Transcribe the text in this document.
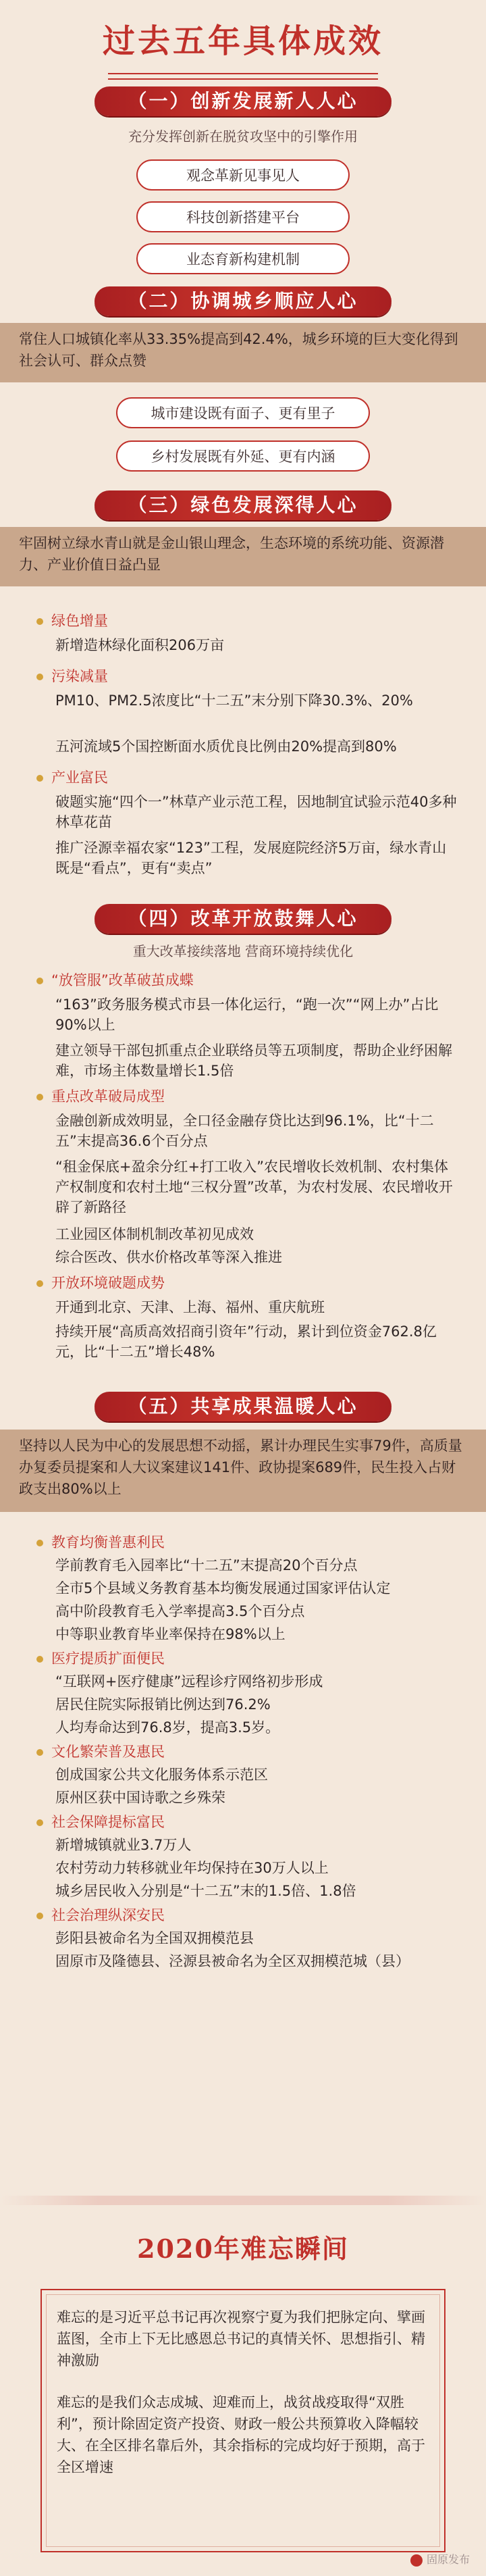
过去五年具体成效
（一）创新发展新人人心
充分发挥创新在脱贫攻坚中的引擎作用
观念革新见事见人
科技创新搭建平台
业态育新构建机制
（二）协调城乡顺应人心
常住人口城镇化率从33.35%提高到42.4%，城乡环境的巨大变化得到社会认可、群众点赞
城市建设既有面子、更有里子
乡村发展既有外延、更有内涵
（三）绿色发展深得人心
牢固树立绿水青山就是金山银山理念，生态环境的系统功能、资源潜力、产业价值日益凸显
绿色增量
新增造林绿化面积206万亩
污染减量
PM10、PM2.5浓度比“十二五”末分别下降30.3%、20%
五河流域5个国控断面水质优良比例由20%提高到80%
产业富民
破题实施“四个一”林草产业示范工程，因地制宜试验示范40多种林草花苗
推广泾源幸福农家“123”工程，发展庭院经济5万亩，绿水青山既是“看点”，更有“卖点”
（四）改革开放鼓舞人心
重大改革接续落地 营商环境持续优化
“放管服”改革破茧成蝶
“163”政务服务模式市县一体化运行，“跑一次”“网上办”占比90%以上
建立领导干部包抓重点企业联络员等五项制度，帮助企业纾困解难，市场主体数量增长1.5倍
重点改革破局成型
金融创新成效明显，全口径金融存贷比达到96.1%，比“十二五”末提高36.6个百分点
“租金保底+盈余分红+打工收入”农民增收长效机制、农村集体产权制度和农村土地“三权分置”改革，为农村发展、农民增收开辟了新路径
工业园区体制机制改革初见成效
综合医改、供水价格改革等深入推进
开放环境破题成势
开通到北京、天津、上海、福州、重庆航班
持续开展“高质高效招商引资年”行动，累计到位资金762.8亿元，比“十二五”增长48%
（五）共享成果温暖人心
坚持以人民为中心的发展思想不动摇，累计办理民生实事79件，高质量办复委员提案和人大议案建议141件、政协提案689件，民生投入占财政支出80%以上
教育均衡普惠利民
学前教育毛入园率比“十二五”末提高20个百分点
全市5个县域义务教育基本均衡发展通过国家评估认定
高中阶段教育毛入学率提高3.5个百分点
中等职业教育毕业率保持在98%以上
医疗提质扩面便民
“互联网+医疗健康”远程诊疗网络初步形成
居民住院实际报销比例达到76.2%
人均寿命达到76.8岁，提高3.5岁。
文化繁荣普及惠民
创成国家公共文化服务体系示范区
原州区获中国诗歌之乡殊荣
社会保障提标富民
新增城镇就业3.7万人
农村劳动力转移就业年均保持在30万人以上
城乡居民收入分别是“十二五”末的1.5倍、1.8倍
社会治理纵深安民
彭阳县被命名为全国双拥模范县
固原市及隆德县、泾源县被命名为全区双拥模范城（县）
2020年难忘瞬间
难忘的是习近平总书记再次视察宁夏为我们把脉定向、擘画蓝图，全市上下无比感恩总书记的真情关怀、思想指引、精神激励
难忘的是我们众志成城、迎难而上，战贫战疫取得“双胜利”，预计除固定资产投资、财政一般公共预算收入降幅较大、在全区排名靠后外，其余指标的完成均好于预期，高于全区增速
固原发布
